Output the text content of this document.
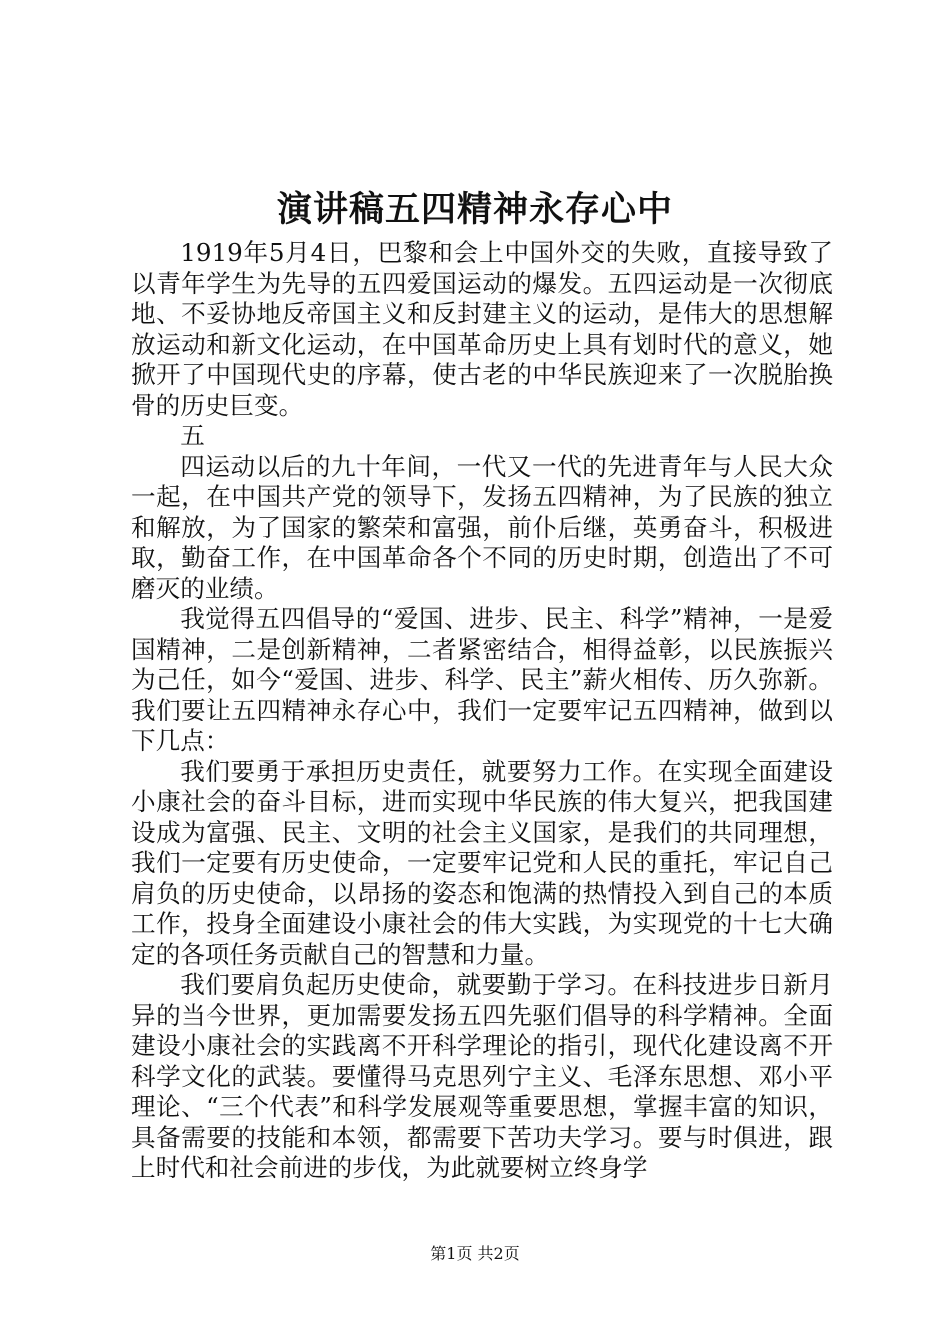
演讲稿五四精神永存心中

1919年5月4日，巴黎和会上中国外交的失败，直接导致了以青年学生为先导的五四爱国运动的爆发。五四运动是一次彻底地、不妥协地反帝国主义和反封建主义的运动，是伟大的思想解放运动和新文化运动，在中国革命历史上具有划时代的意义，她掀开了中国现代史的序幕，使古老的中华民族迎来了一次脱胎换骨的历史巨变。

五

四运动以后的九十年间，一代又一代的先进青年与人民大众一起，在中国共产党的领导下，发扬五四精神，为了民族的独立和解放，为了国家的繁荣和富强，前仆后继，英勇奋斗，积极进取，勤奋工作，在中国革命各个不同的历史时期，创造出了不可磨灭的业绩。

我觉得五四倡导的“爱国、进步、民主、科学”精神，一是爱国精神，二是创新精神，二者紧密结合，相得益彰，以民族振兴为己任，如今“爱国、进步、科学、民主”薪火相传、历久弥新。我们要让五四精神永存心中，我们一定要牢记五四精神，做到以下几点：

我们要勇于承担历史责任，就要努力工作。在实现全面建设小康社会的奋斗目标，进而实现中华民族的伟大复兴，把我国建设成为富强、民主、文明的社会主义国家，是我们的共同理想，我们一定要有历史使命，一定要牢记党和人民的重托，牢记自己肩负的历史使命，以昂扬的姿态和饱满的热情投入到自己的本质工作，投身全面建设小康社会的伟大实践，为实现党的十七大确定的各项任务贡献自己的智慧和力量。

我们要肩负起历史使命，就要勤于学习。在科技进步日新月异的当今世界，更加需要发扬五四先驱们倡导的科学精神。全面建设小康社会的实践离不开科学理论的指引，现代化建设离不开科学文化的武装。要懂得马克思列宁主义、毛泽东思想、邓小平理论、“三个代表”和科学发展观等重要思想，掌握丰富的知识，具备需要的技能和本领，都需要下苦功夫学习。要与时俱进，跟上时代和社会前进的步伐，为此就要树立终身学

第1页 共2页
